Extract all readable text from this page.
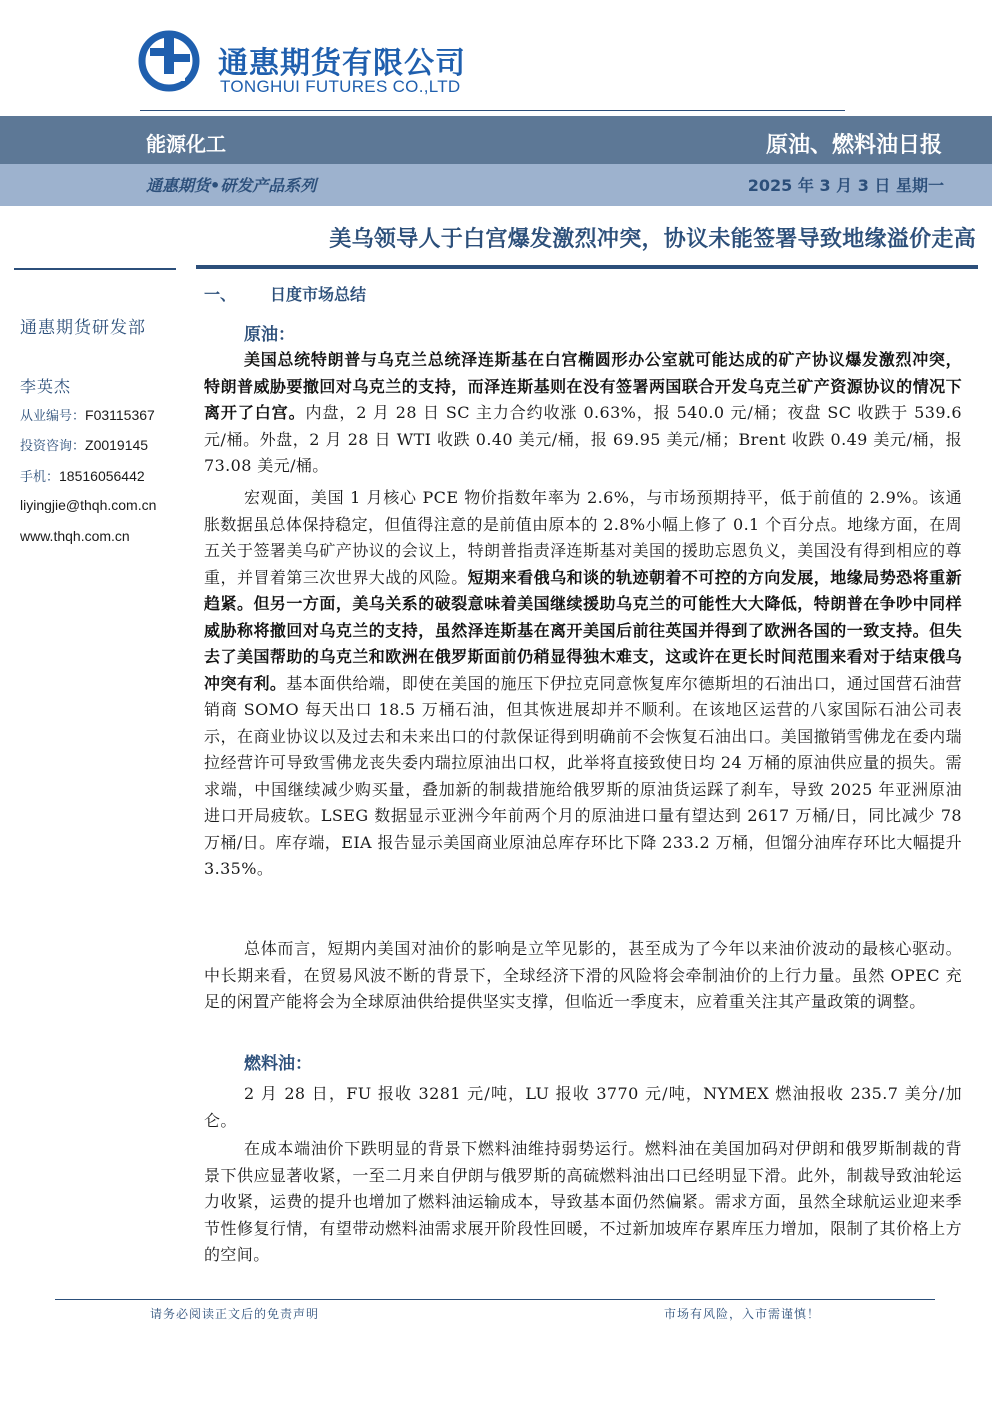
通惠期货有限公司
TONGHUI FUTURES CO.,LTD
能源化工	原油、燃料油日报
通惠期货•研发产品系列	2025 年 3 月 3 日 星期一
美乌领导人于白宫爆发激烈冲突，协议未能签署导致地缘溢价走高
通惠期货研发部
李英杰
从业编号：F03115367
投资咨询：Z0019145
手机：18516056442
liyingjie@thqh.com.cn
www.thqh.com.cn
一、 日度市场总结
原油：

美国总统特朗普与乌克兰总统泽连斯基在白宫椭圆形办公室就可能达成的矿产协议爆发激烈冲突，特朗普威胁要撤回对乌克兰的支持，而泽连斯基则在没有签署两国联合开发乌克兰矿产资源协议的情况下离开了白宫。内盘，2 月 28 日 SC 主力合约收涨 0.63%，报 540.0 元/桶；夜盘 SC 收跌于 539.6 元/桶。外盘，2 月 28 日 WTI 收跌 0.40 美元/桶，报 69.95 美元/桶；Brent 收跌 0.49 美元/桶，报 73.08 美元/桶。

宏观面，美国 1 月核心 PCE 物价指数年率为 2.6%，与市场预期持平，低于前值的 2.9%。该通胀数据虽总体保持稳定，但值得注意的是前值由原本的 2.8%小幅上修了 0.1 个百分点。地缘方面，在周五关于签署美乌矿产协议的会议上，特朗普指责泽连斯基对美国的援助忘恩负义，美国没有得到相应的尊重，并冒着第三次世界大战的风险。短期来看俄乌和谈的轨迹朝着不可控的方向发展，地缘局势恐将重新趋紧。但另一方面，美乌关系的破裂意味着美国继续援助乌克兰的可能性大大降低，特朗普在争吵中同样威胁称将撤回对乌克兰的支持，虽然泽连斯基在离开美国后前往英国并得到了欧洲各国的一致支持。但失去了美国帮助的乌克兰和欧洲在俄罗斯面前仍稍显得独木难支，这或许在更长时间范围来看对于结束俄乌冲突有利。基本面供给端，即使在美国的施压下伊拉克同意恢复库尔德斯坦的石油出口，通过国营石油营销商 SOMO 每天出口 18.5 万桶石油，但其恢进展却并不顺利。在该地区运营的八家国际石油公司表示，在商业协议以及过去和未来出口的付款保证得到明确前不会恢复石油出口。美国撤销雪佛龙在委内瑞拉经营许可导致雪佛龙丧失委内瑞拉原油出口权，此举将直接致使日均 24 万桶的原油供应量的损失。需求端，中国继续减少购买量，叠加新的制裁措施给俄罗斯的原油货运踩了刹车，导致 2025 年亚洲原油进口开局疲软。LSEG 数据显示亚洲今年前两个月的原油进口量有望达到 2617 万桶/日，同比减少 78 万桶/日。库存端，EIA 报告显示美国商业原油总库存环比下降 233.2 万桶，但馏分油库存环比大幅提升 3.35%。

总体而言，短期内美国对油价的影响是立竿见影的，甚至成为了今年以来油价波动的最核心驱动。中长期来看，在贸易风波不断的背景下，全球经济下滑的风险将会牵制油价的上行力量。虽然 OPEC 充足的闲置产能将会为全球原油供给提供坚实支撑，但临近一季度末，应着重关注其产量政策的调整。

燃料油：

2 月 28 日，FU 报收 3281 元/吨，LU 报收 3770 元/吨，NYMEX 燃油报收 235.7 美分/加仑。

在成本端油价下跌明显的背景下燃料油维持弱势运行。燃料油在美国加码对伊朗和俄罗斯制裁的背景下供应显著收紧，一至二月来自伊朗与俄罗斯的高硫燃料油出口已经明显下滑。此外，制裁导致油轮运力收紧，运费的提升也增加了燃料油运输成本，导致基本面仍然偏紧。需求方面，虽然全球航运业迎来季节性修复行情，有望带动燃料油需求展开阶段性回暖，不过新加坡库存累库压力增加，限制了其价格上方的空间。

请务必阅读正文后的免责声明	市场有风险，入市需谨慎！
